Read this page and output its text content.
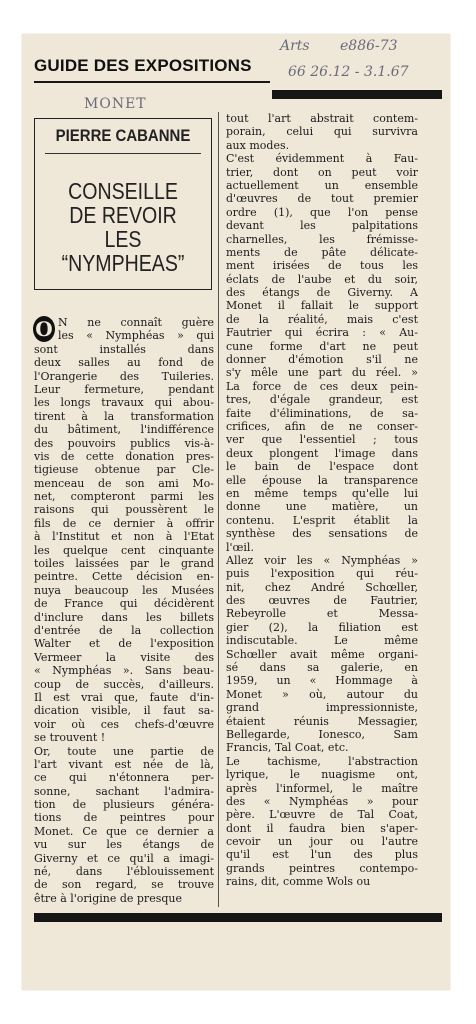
Arts e886-73
66 26.12 - 3.1.67
MONET
GUIDE DES EXPOSITIONS
PIERRE CABANNE
CONSEILLE
DE REVOIR
LES
“NYMPHEAS”
O N ne connaît guère
les « Nymphéas » qui
sont installés dans
deux salles au fond de
l'Orangerie des Tuileries.
Leur fermeture, pendant
les longs travaux qui abou-
tirent à la transformation
du bâtiment, l'indifférence
des pouvoirs publics vis-à-
vis de cette donation pres-
tigieuse obtenue par Cle-
menceau de son ami Mo-
net, compteront parmi les
raisons qui poussèrent le
fils de ce dernier à offrir
à l'Institut et non à l'Etat
les quelque cent cinquante
toiles laissées par le grand
peintre. Cette décision en-
nuya beaucoup les Musées
de France qui décidèrent
d'inclure dans les billets
d'entrée de la collection
Walter et de l'exposition
Vermeer la visite des
« Nymphéas ». Sans beau-
coup de succès, d'ailleurs.
Il est vrai que, faute d'in-
dication visible, il faut sa-
voir où ces chefs-d'œuvre
se trouvent !
Or, toute une partie de
l'art vivant est née de là,
ce qui n'étonnera per-
sonne, sachant l'admira-
tion de plusieurs généra-
tions de peintres pour
Monet. Ce que ce dernier a
vu sur les étangs de
Giverny et ce qu'il a imagi-
né, dans l'éblouissement
de son regard, se trouve
être à l'origine de presque
tout l'art abstrait contem-
porain, celui qui survivra
aux modes.
C'est évidemment à Fau-
trier, dont on peut voir
actuellement un ensemble
d'œuvres de tout premier
ordre (1), que l'on pense
devant les palpitations
charnelles, les frémisse-
ments de pâte délicate-
ment irisées de tous les
éclats de l'aube et du soir,
des étangs de Giverny. A
Monet il fallait le support
de la réalité, mais c'est
Fautrier qui écrira : « Au-
cune forme d'art ne peut
donner d'émotion s'il ne
s'y mêle une part du réel. »
La force de ces deux pein-
tres, d'égale grandeur, est
faite d'éliminations, de sa-
crifices, afin de ne conser-
ver que l'essentiel ; tous
deux plongent l'image dans
le bain de l'espace dont
elle épouse la transparence
en même temps qu'elle lui
donne une matière, un
contenu. L'esprit établit la
synthèse des sensations de
l'œil.
Allez voir les « Nymphéas »
puis l'exposition qui réu-
nit, chez André Schœller,
des œuvres de Fautrier,
Rebeyrolle et Messa-
gier (2), la filiation est
indiscutable. Le même
Schœller avait même organi-
sé dans sa galerie, en
1959, un « Hommage à
Monet » où, autour du
grand impressionniste,
étaient réunis Messagier,
Bellegarde, Ionesco, Sam
Francis, Tal Coat, etc.
Le tachisme, l'abstraction
lyrique, le nuagisme ont,
après l'informel, le maître
des « Nymphéas » pour
père. L'œuvre de Tal Coat,
dont il faudra bien s'aper-
cevoir un jour ou l'autre
qu'il est l'un des plus
grands peintres contempo-
rains, dit, comme Wols ou
